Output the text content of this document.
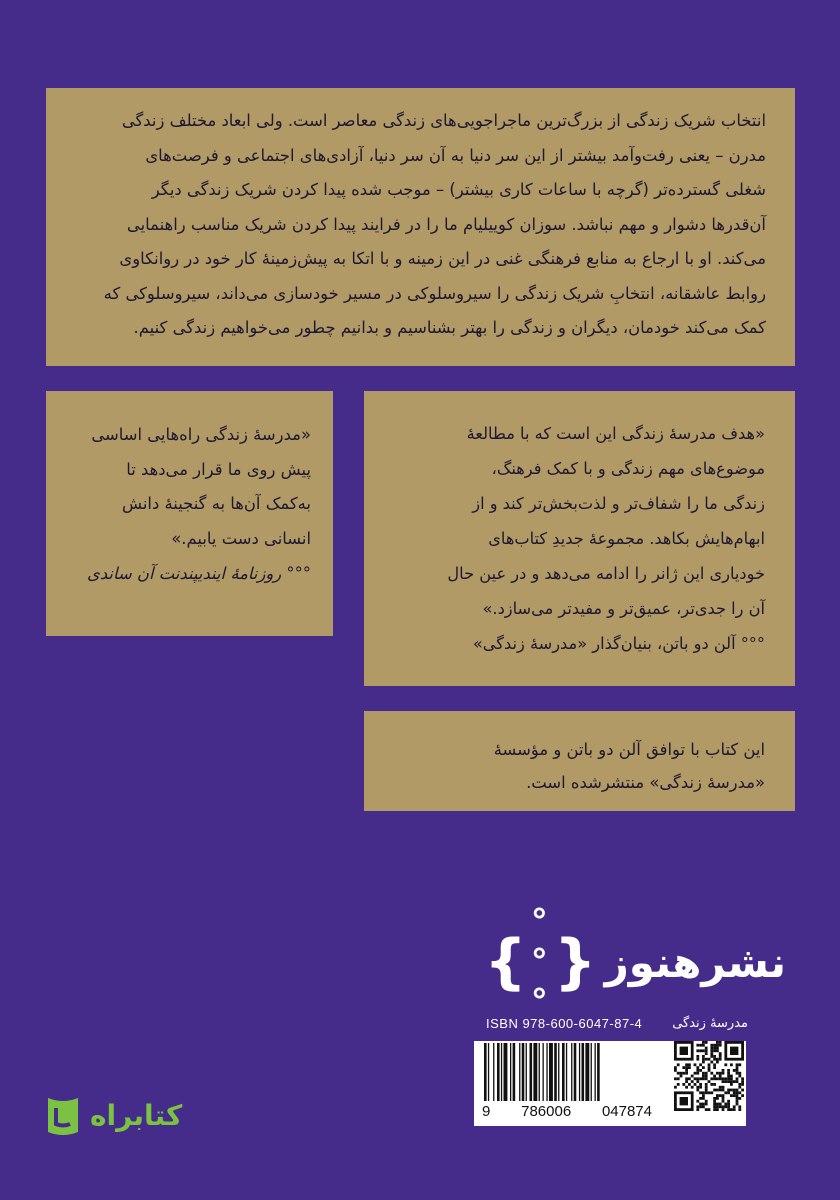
انتخاب شریک زندگی از بزرگ‌ترین ماجراجویی‌های زندگی معاصر است. ولی ابعاد مختلف زندگی

مدرن – یعنی رفت‌وآمد بیشتر از این سر دنیا به آن سر دنیا، آزادی‌های اجتماعی و فرصت‌های

شغلی گسترده‌تر (گرچه با ساعات کاری بیشتر) – موجب شده پیدا کردن شریک زندگی دیگر

آن‌قدرها دشوار و مهم نباشد. سوزان کوییلیام ما را در فرایند پیدا کردن شریک مناسب راهنمایی

می‌کند. او با ارجاع به منابع فرهنگی غنی در این زمینه و با اتکا به پیش‌زمینهٔ کار خود در روانکاوی

روابط عاشقانه، انتخابِ شریک زندگی را سیروسلوکی در مسیر خودسازی می‌داند، سیروسلوکی که

کمک می‌کند خودمان، دیگران و زندگی را بهتر بشناسیم و بدانیم چطور می‌خواهیم زندگی کنیم.

«مدرسهٔ زندگی راه‌هایی اساسی

پیش روی ما قرار می‌دهد تا

به‌کمک آن‌ها به گنجینهٔ دانش

انسانی دست یابیم.»

°°° روزنامهٔ ایندیپندنت آن ساندی

«هدف مدرسهٔ زندگی این است که با مطالعهٔ

موضوع‌های مهم زندگی و با کمک فرهنگ،

زندگی ما را شفاف‌تر و لذت‌بخش‌تر کند و از

ابهام‌هایش بکاهد. مجموعهٔ جدیدِ کتاب‌های

خودیاری این ژانر را ادامه می‌دهد و در عین حال

آن را جدی‌تر، عمیق‌تر و مفیدتر می‌سازد.»

°°° آلن دو باتن، بنیان‌گذار «مدرسهٔ زندگی»

این کتاب با توافق آلن دو باتن و مؤسسهٔ

«مدرسهٔ زندگی» منتشرشده است.

{
°°°
} نشرهنوز
ISBN 978-600-6047-87-4 مدرسهٔ زندگی
9 786006 047874
کتابراه
